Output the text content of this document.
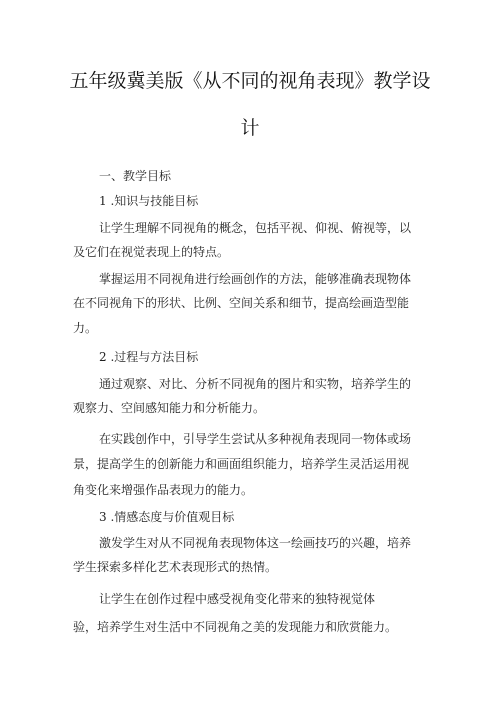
五年级冀美版《从不同的视角表现》教学设
计
一、教学目标
1 .知识与技能目标
让学生理解不同视角的概念，包括平视、仰视、俯视等，以
及它们在视觉表现上的特点。
掌握运用不同视角进行绘画创作的方法，能够准确表现物体
在不同视角下的形状、比例、空间关系和细节，提高绘画造型能
力。
2 .过程与方法目标
通过观察、对比、分析不同视角的图片和实物，培养学生的
观察力、空间感知能力和分析能力。
在实践创作中，引导学生尝试从多种视角表现同一物体或场
景，提高学生的创新能力和画面组织能力，培养学生灵活运用视
角变化来增强作品表现力的能力。
3 .情感态度与价值观目标
激发学生对从不同视角表现物体这一绘画技巧的兴趣，培养
学生探索多样化艺术表现形式的热情。
让学生在创作过程中感受视角变化带来的独特视觉体
验，培养学生对生活中不同视角之美的发现能力和欣赏能力。
